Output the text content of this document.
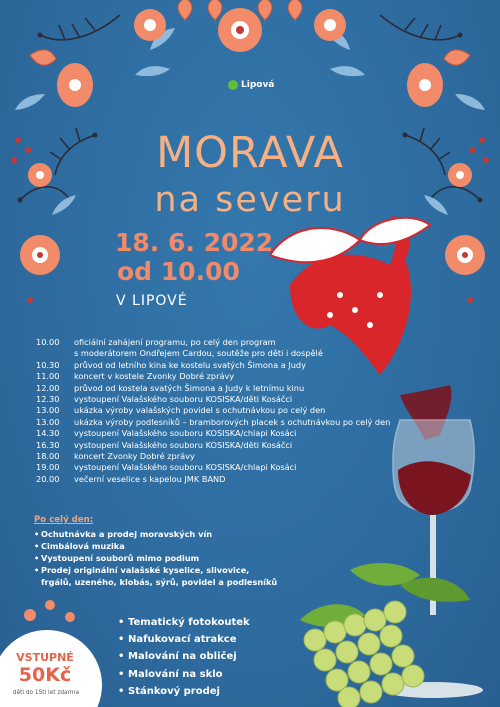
Lipová
MORAVA
na severu
18. 6. 2022
od 10.00
V LIPOVÉ
10.00	oficiální zahájení programu, po celý den program
s moderátorem Ondřejem Cardou, soutěže pro děti i dospělé
10.30	průvod od letního kina ke kostelu svatých Šimona a Judy
11.00	koncert v kostele Zvonky Dobré zprávy
12.00	průvod od kostela svatých Šimona a Judy k letnímu kinu
12.30	vystoupení Valašského souboru KOSISKA/děti Kosáčci
13.00	ukázka výroby valašských povidel s ochutnávkou po celý den
13.00	ukázka výroby podlesníků – bramborových placek s ochutnávkou po celý den
14.30	vystoupení Valašského souboru KOSISKA/chlapi Kosáci
16.30	vystoupení Valašského souboru KOSISKA/děti Kosáčci
18.00	koncert Zvonky Dobré zprávy
19.00	vystoupení Valašského souboru KOSISKA/chlapi Kosáci
20.00	večerní veselice s kapelou JMK BAND
Po celý den:
• Ochutnávka a prodej moravských vín
• Cimbálová muzika
• Vystoupení souborů mimo podium
• Prodej originální valašské kyselice, slivovice,
frgálů, uzeného, klobás, sýrů, povidel a podlesníků
• Tematický fotokoutek
• Nafukovací atrakce
• Malování na obličej
• Malování na sklo
• Stánkový prodej
VSTUPNÉ
50Kč
děti do 15ti let zdarma
